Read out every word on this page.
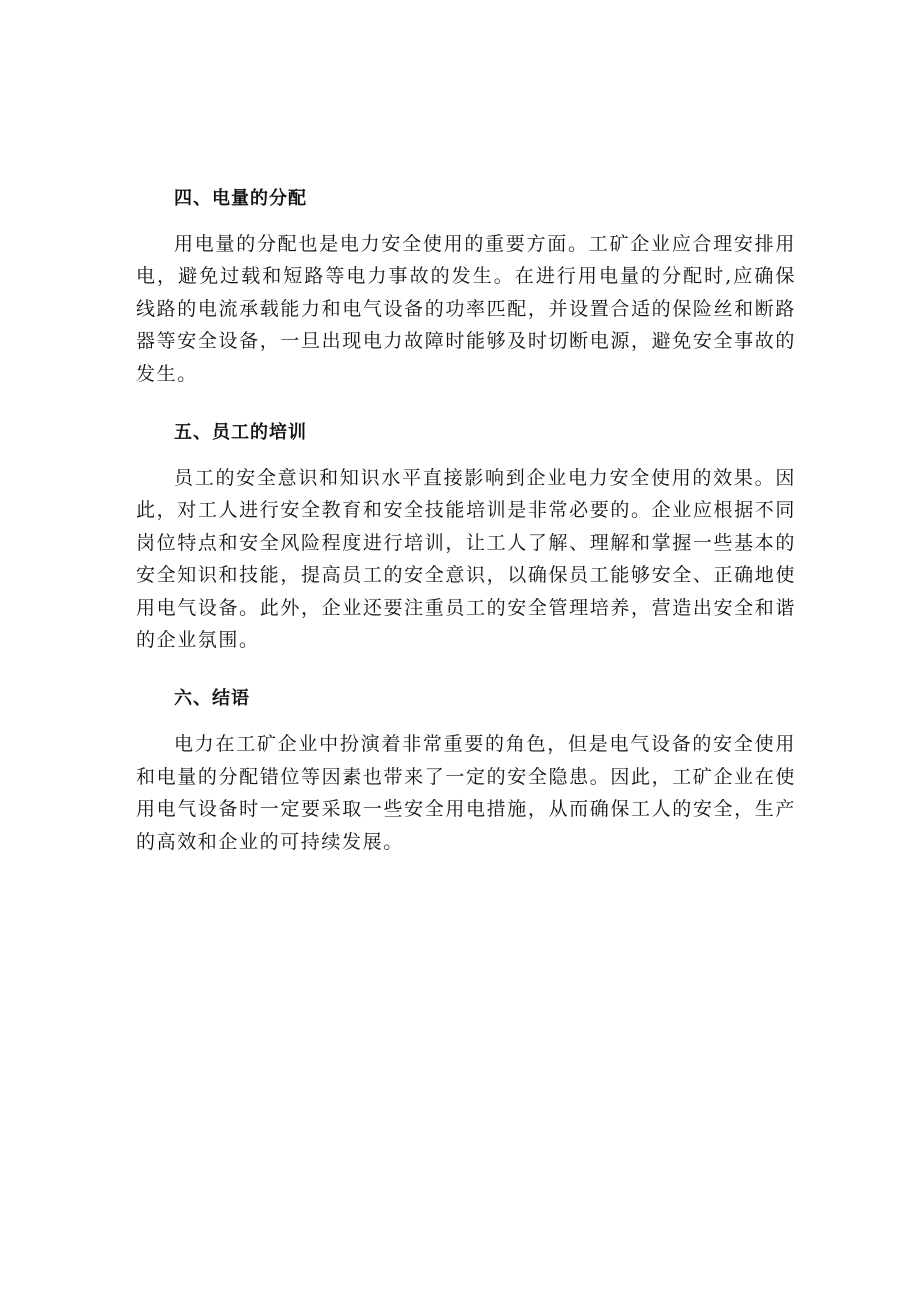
四、电量的分配

用电量的分配也是电力安全使用的重要方面。工矿企业应合理安排用电，避免过载和短路等电力事故的发生。在进行用电量的分配时,应确保线路的电流承载能力和电气设备的功率匹配，并设置合适的保险丝和断路器等安全设备，一旦出现电力故障时能够及时切断电源，避免安全事故的发生。

五、员工的培训

员工的安全意识和知识水平直接影响到企业电力安全使用的效果。因此，对工人进行安全教育和安全技能培训是非常必要的。企业应根据不同岗位特点和安全风险程度进行培训，让工人了解、理解和掌握一些基本的安全知识和技能，提高员工的安全意识，以确保员工能够安全、正确地使用电气设备。此外，企业还要注重员工的安全管理培养，营造出安全和谐的企业氛围。

六、结语

电力在工矿企业中扮演着非常重要的角色，但是电气设备的安全使用和电量的分配错位等因素也带来了一定的安全隐患。因此，工矿企业在使用电气设备时一定要采取一些安全用电措施，从而确保工人的安全，生产的高效和企业的可持续发展。
